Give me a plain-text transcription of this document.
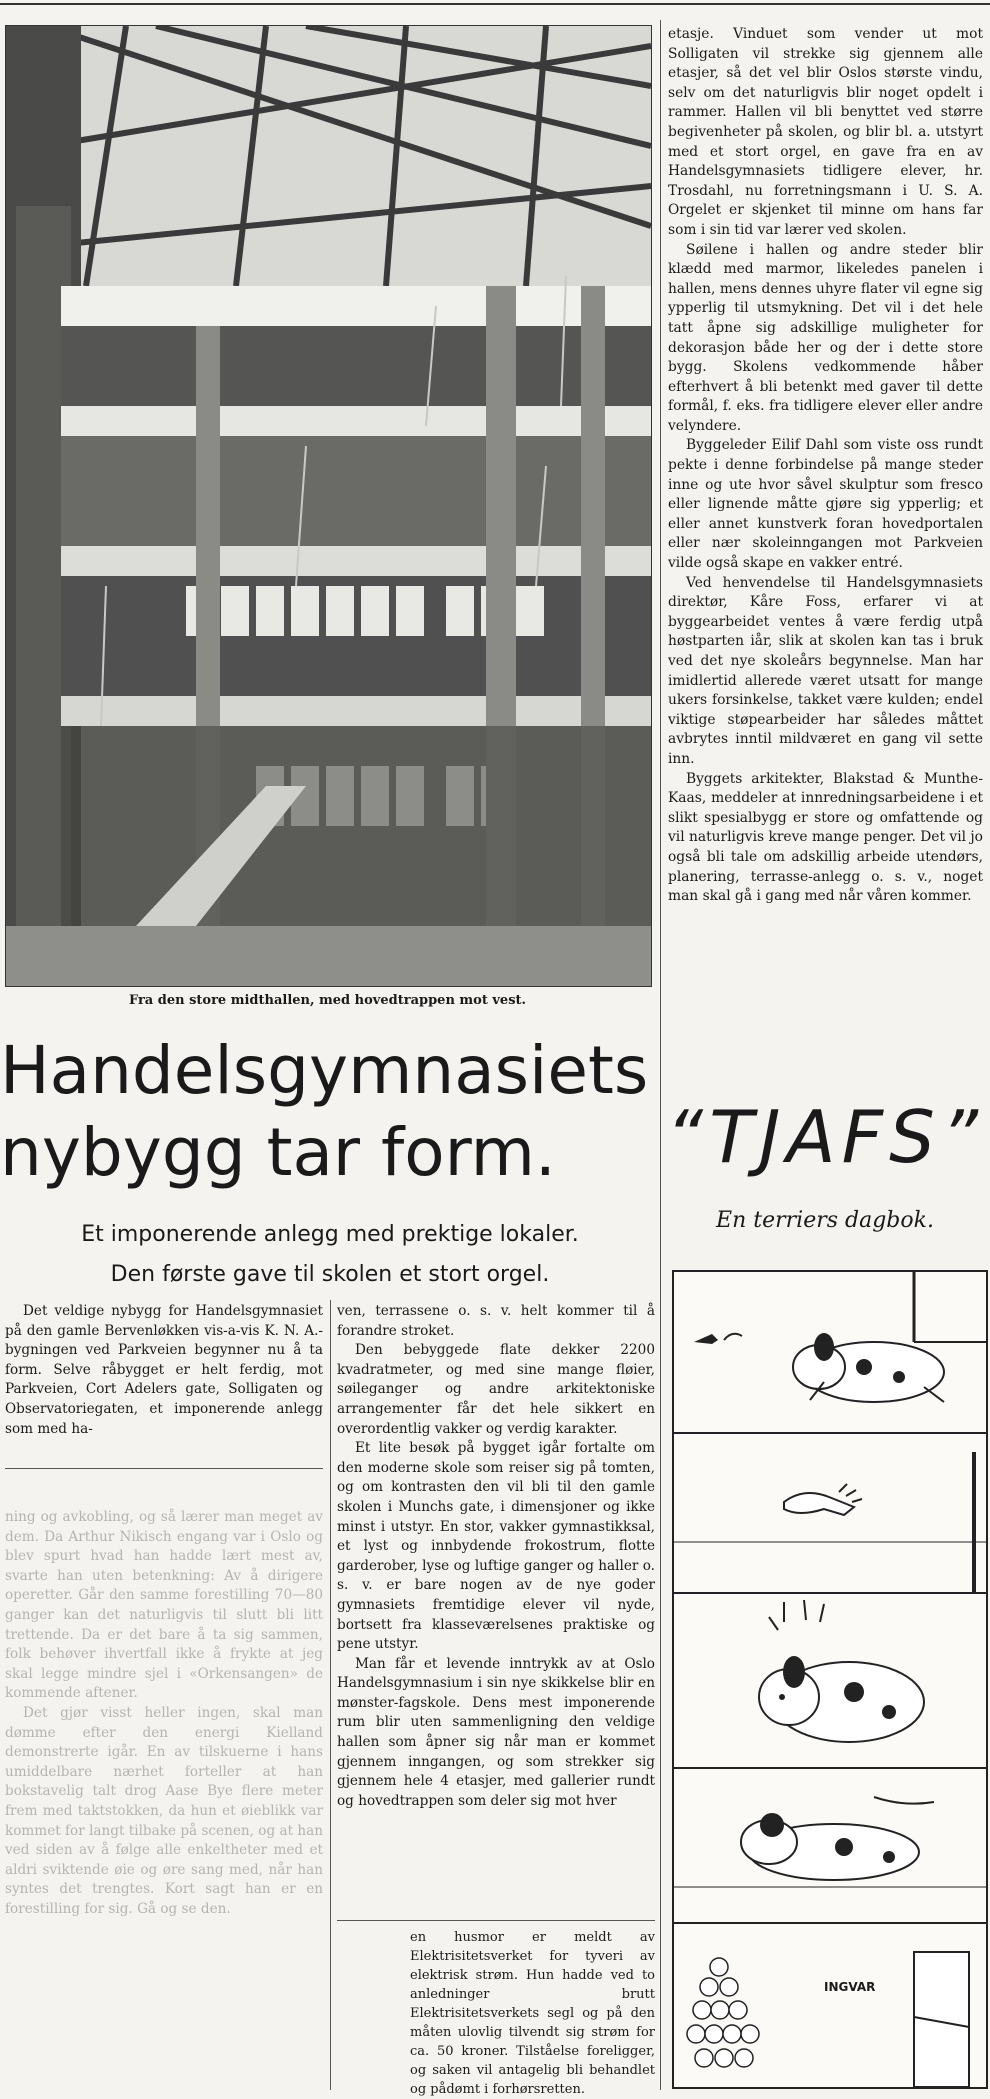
Fra den store midthallen, med hovedtrappen mot vest.
Handelsgymnasiets
nybygg tar form.
Et imponerende anlegg med prektige lokaler.
Den første gave til skolen et stort orgel.

Det veldige nybygg for Handelsgymnasiet på den gamle Bervenløkken vis-a-vis K. N. A.-bygningen ved Parkveien begynner nu å ta form. Selve råbygget er helt ferdig, mot Parkveien, Cort Adelers gate, Solligaten og Observatoriegaten, et imponerende anlegg som med ha-

ning og avkobling, og så lærer man meget av dem. Da Arthur Nikisch engang var i Oslo og blev spurt hvad han hadde lært mest av, svarte han uten betenkning: Av å dirigere operetter. Går den samme forestilling 70—80 ganger kan det naturligvis til slutt bli litt trettende. Da er det bare å ta sig sammen, folk behøver ihvertfall ikke å frykte at jeg skal legge mindre sjel i «Orkensangen» de kommende aftener.

Det gjør visst heller ingen, skal man dømme efter den energi Kielland demonstrerte igår. En av tilskuerne i hans umiddelbare nærhet forteller at han bokstavelig talt drog Aase Bye flere meter frem med taktstokken, da hun et øieblikk var kommet for langt tilbake på scenen, og at han ved siden av å følge alle enkeltheter med et aldri sviktende øie og øre sang med, når han syntes det trengtes. Kort sagt han er en forestilling for sig. Gå og se den.

ven, terrassene o. s. v. helt kommer til å forandre stroket.

Den bebyggede flate dekker 2200 kvadratmeter, og med sine mange fløier, søileganger og andre arkitektoniske arrangementer får det hele sikkert en overordentlig vakker og verdig karakter.

Et lite besøk på bygget igår fortalte om den moderne skole som reiser sig på tomten, og om kontrasten den vil bli til den gamle skolen i Munchs gate, i dimensjoner og ikke minst i utstyr. En stor, vakker gymnastikksal, et lyst og innbydende frokostrum, flotte garderober, lyse og luftige ganger og haller o. s. v. er bare nogen av de nye goder gymnasiets fremtidige elever vil nyde, bortsett fra klasseværelsenes praktiske og pene utstyr.

Man får et levende inntrykk av at Oslo Handelsgymnasium i sin nye skikkelse blir en mønster-fagskole. Dens mest imponerende rum blir uten sammenligning den veldige hallen som åpner sig når man er kommet gjennem inngangen, og som strekker sig gjennem hele 4 etasjer, med gallerier rundt og hovedtrappen som deler sig mot hver

en husmor er meldt av Elektrisitetsverket for tyveri av elektrisk strøm. Hun hadde ved to anledninger brutt Elektrisitetsverkets segl og på den måten ulovlig tilvendt sig strøm for ca. 50 kroner. Tilståelse foreligger, og saken vil antagelig bli behandlet og pådømt i forhørsretten.

etasje. Vinduet som vender ut mot Solligaten vil strekke sig gjennem alle etasjer, så det vel blir Oslos største vindu, selv om det naturligvis blir noget opdelt i rammer. Hallen vil bli benyttet ved større begivenheter på skolen, og blir bl. a. utstyrt med et stort orgel, en gave fra en av Handelsgymnasiets tidligere elever, hr. Trosdahl, nu forretningsmann i U. S. A. Orgelet er skjenket til minne om hans far som i sin tid var lærer ved skolen.

Søilene i hallen og andre steder blir klædd med marmor, likeledes panelen i hallen, mens dennes uhyre flater vil egne sig ypperlig til utsmykning. Det vil i det hele tatt åpne sig adskillige muligheter for dekorasjon både her og der i dette store bygg. Skolens vedkommende håber efterhvert å bli betenkt med gaver til dette formål, f. eks. fra tidligere elever eller andre velyndere.

Byggeleder Eilif Dahl som viste oss rundt pekte i denne forbindelse på mange steder inne og ute hvor såvel skulptur som fresco eller lignende måtte gjøre sig ypperlig; et eller annet kunstverk foran hovedportalen eller nær skoleinngangen mot Parkveien vilde også skape en vakker entré.

Ved henvendelse til Handelsgymnasiets direktør, Kåre Foss, erfarer vi at byggearbeidet ventes å være ferdig utpå høstparten iår, slik at skolen kan tas i bruk ved det nye skoleårs begynnelse. Man har imidlertid allerede været utsatt for mange ukers forsinkelse, takket være kulden; endel viktige støpearbeider har således måttet avbrytes inntil mildværet en gang vil sette inn.

Byggets arkitekter, Blakstad & Munthe-Kaas, meddeler at innredningsarbeidene i et slikt spesialbygg er store og omfattende og vil naturligvis kreve mange penger. Det vil jo også bli tale om adskillig arbeide utendørs, planering, terrasse-anlegg o. s. v., noget man skal gå i gang med når våren kommer.

“TJAFS”
En terriers dagbok.
INGVAR
